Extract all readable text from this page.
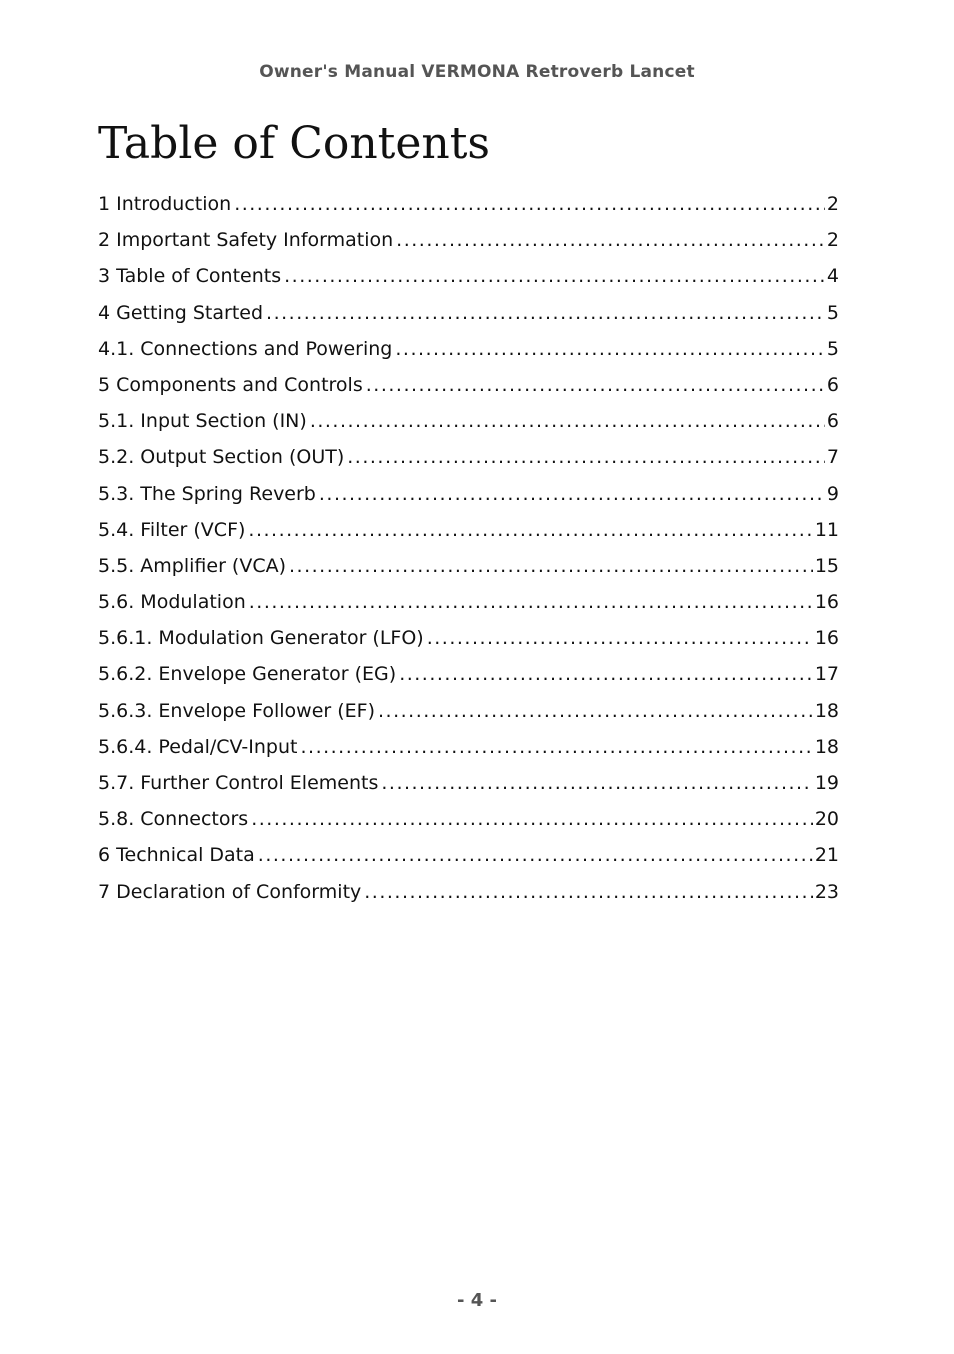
Owner's Manual VERMONA Retroverb Lancet
Table of Contents
1 Introduction .....	2
2 Important Safety Information .....	2
3 Table of Contents .....	4
4 Getting Started .....	5
4.1. Connections and Powering .....	5
5 Components and Controls .....	6
5.1. Input Section (IN) .....	6
5.2. Output Section (OUT) .....	7
5.3. The Spring Reverb .....	9
5.4. Filter (VCF) .....	11
5.5. Amplifier (VCA) .....	15
5.6. Modulation .....	16
5.6.1. Modulation Generator (LFO) .....	16
5.6.2. Envelope Generator (EG) .....	17
5.6.3. Envelope Follower (EF) .....	18
5.6.4. Pedal/CV-Input .....	18
5.7. Further Control Elements .....	19
5.8. Connectors .....	20
6 Technical Data .....	21
7 Declaration of Conformity .....	23
- 4 -
